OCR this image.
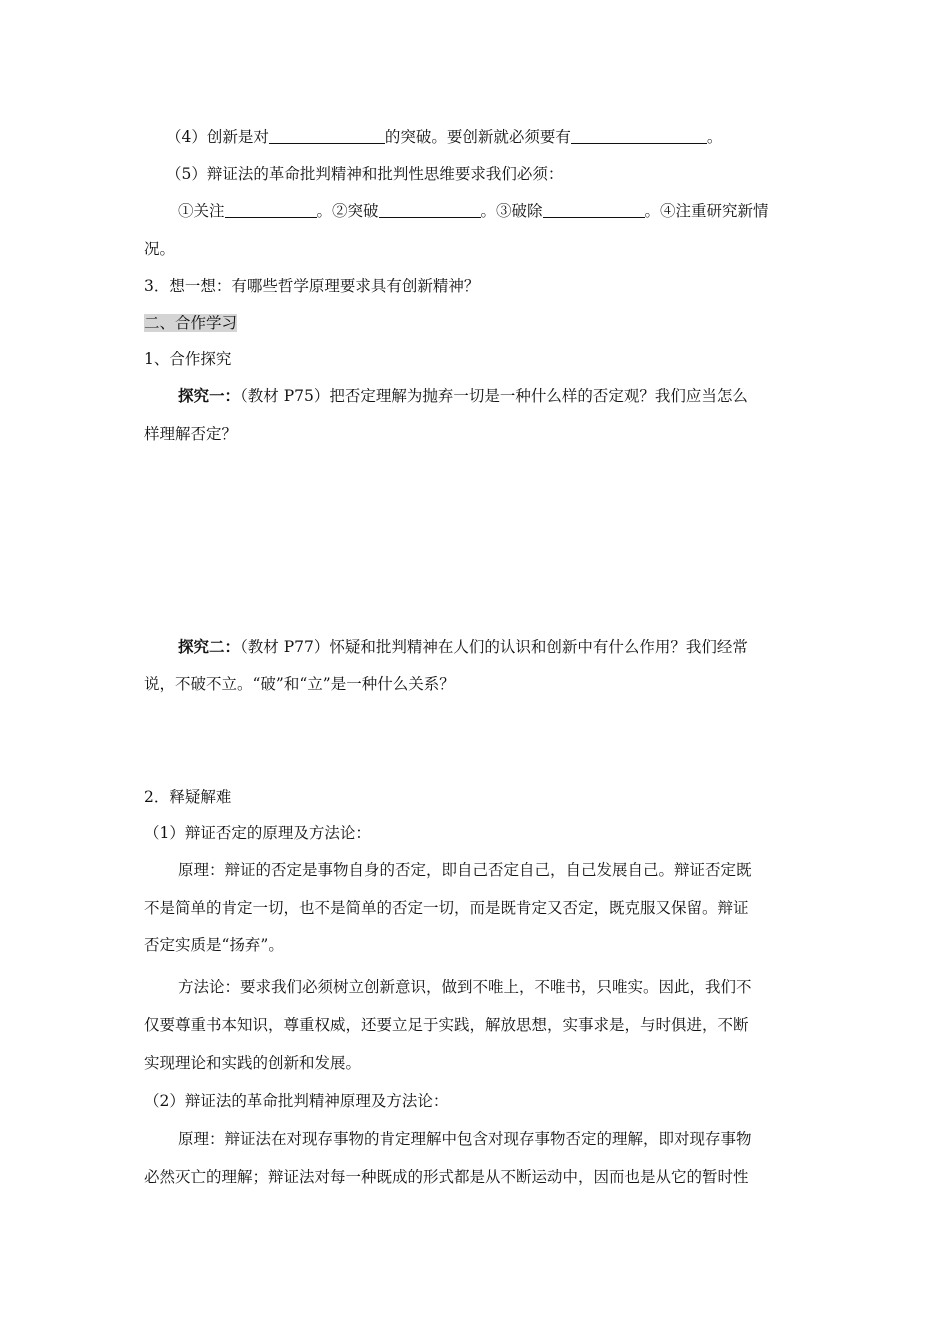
（4）创新是对	的突破。要创新就必须要有	。
（5）辩证法的革命批判精神和批判性思维要求我们必须：
①关注	。②突破	。③破除	。④注重研究新情
况。
3．想一想：有哪些哲学原理要求具有创新精神？
二、合作学习
1、合作探究
探究一：（教材 P75）把否定理解为抛弃一切是一种什么样的否定观？我们应当怎么
样理解否定？
探究二：（教材 P77）怀疑和批判精神在人们的认识和创新中有什么作用？我们经常
说，不破不立。“破”和“立”是一种什么关系？
2．释疑解难
（1）辩证否定的原理及方法论：
原理：辩证的否定是事物自身的否定，即自己否定自己，自己发展自己。辩证否定既
不是简单的肯定一切，也不是简单的否定一切，而是既肯定又否定，既克服又保留。辩证
否定实质是“扬弃”。
方法论：要求我们必须树立创新意识，做到不唯上，不唯书，只唯实。因此，我们不
仅要尊重书本知识，尊重权威，还要立足于实践，解放思想，实事求是，与时俱进，不断
实现理论和实践的创新和发展。
（2）辩证法的革命批判精神原理及方法论：
原理：辩证法在对现存事物的肯定理解中包含对现存事物否定的理解，即对现存事物
必然灭亡的理解；辩证法对每一种既成的形式都是从不断运动中，因而也是从它的暂时性
